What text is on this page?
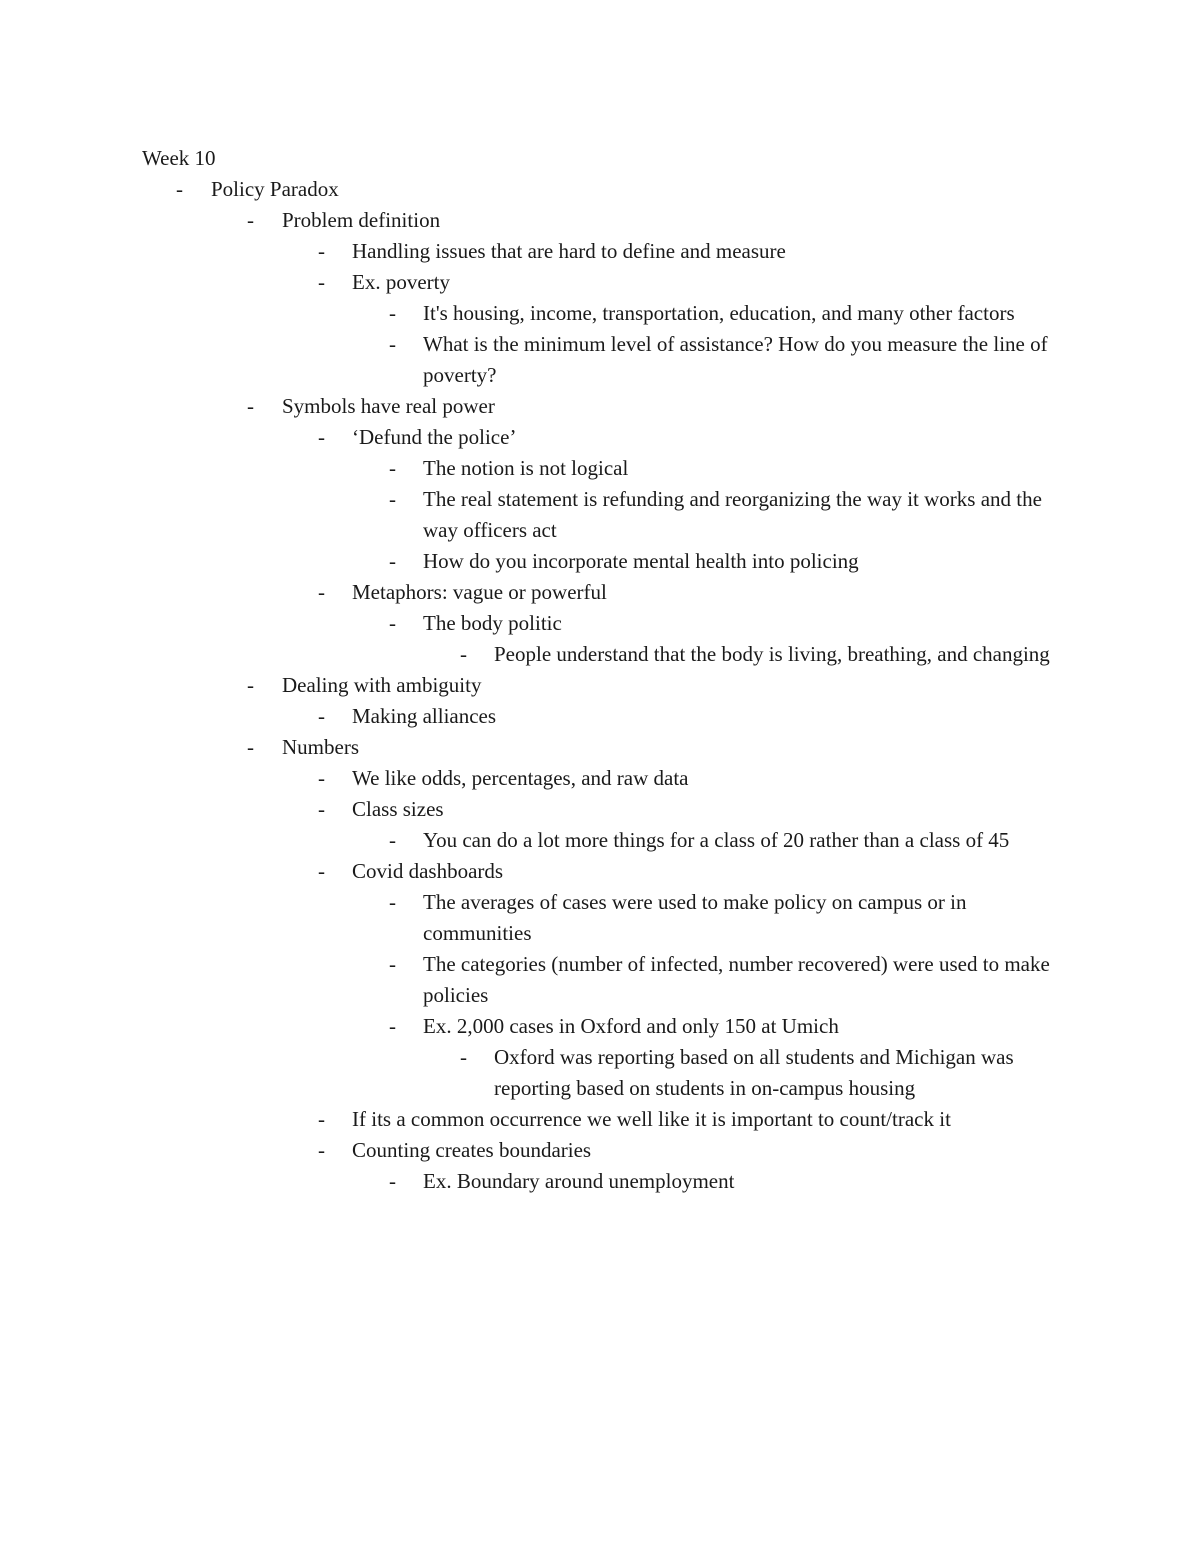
Week 10
- Policy Paradox
- Problem definition
- Handling issues that are hard to define and measure
- Ex. poverty
- It's housing, income, transportation, education, and many other factors
- What is the minimum level of assistance? How do you measure the line of poverty?
- Symbols have real power
- ‘Defund the police’
- The notion is not logical
- The real statement is refunding and reorganizing the way it works and the way officers act
- How do you incorporate mental health into policing
- Metaphors: vague or powerful
- The body politic
- People understand that the body is living, breathing, and changing
- Dealing with ambiguity
- Making alliances
- Numbers
- We like odds, percentages, and raw data
- Class sizes
- You can do a lot more things for a class of 20 rather than a class of 45
- Covid dashboards
- The averages of cases were used to make policy on campus or in communities
- The categories (number of infected, number recovered) were used to make policies
- Ex. 2,000 cases in Oxford and only 150 at Umich
- Oxford was reporting based on all students and Michigan was reporting based on students in on-campus housing
- If its a common occurrence we well like it is important to count/track it
- Counting creates boundaries
- Ex. Boundary around unemployment
